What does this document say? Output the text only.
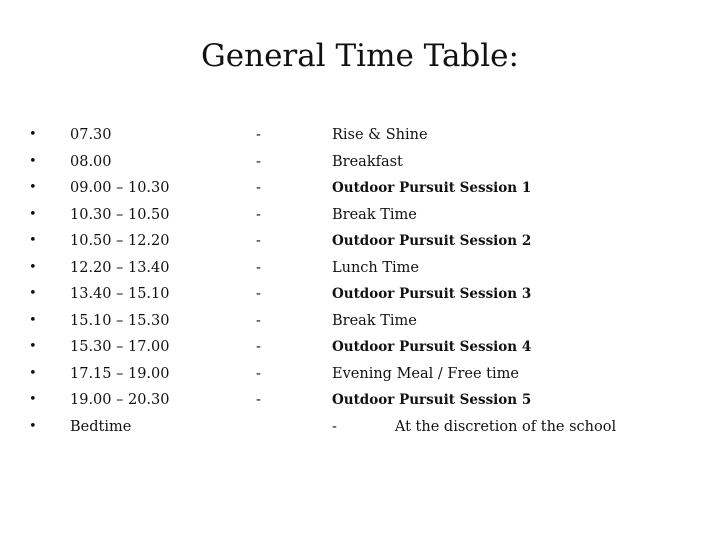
General Time Table:
• 07.30	-	Rise & Shine
• 08.00	-	Breakfast
• 09.00 – 10.30	-	Outdoor Pursuit Session 1
• 10.30 – 10.50	-	Break Time
• 10.50 – 12.20	-	Outdoor Pursuit Session 2
• 12.20 – 13.40	-	Lunch Time
• 13.40 – 15.10	-	Outdoor Pursuit Session 3
• 15.10 – 15.30	-	Break Time
• 15.30 – 17.00	-	Outdoor Pursuit Session 4
• 17.15 – 19.00	-	Evening Meal / Free time
• 19.00 – 20.30	-	Outdoor Pursuit Session 5
• Bedtime	-	At the discretion of the school
